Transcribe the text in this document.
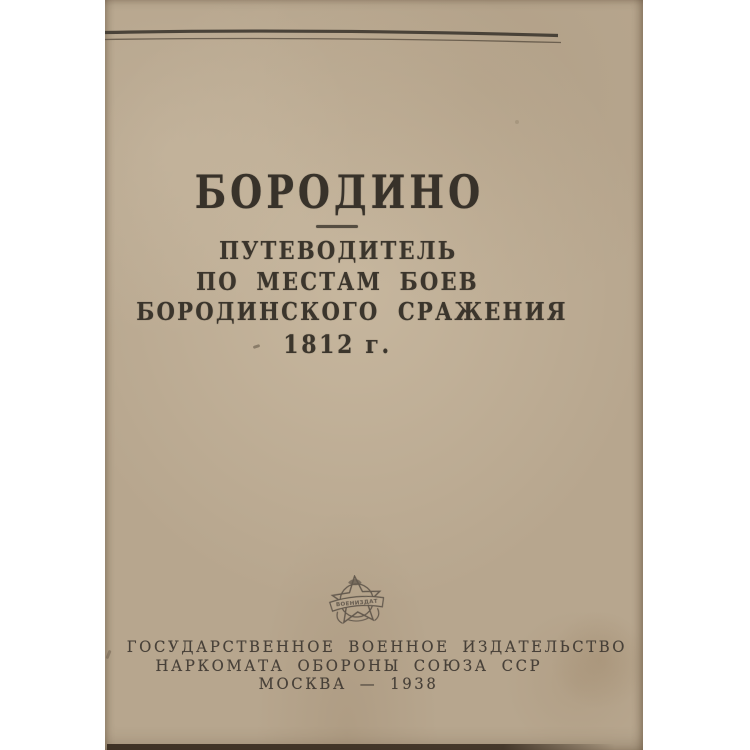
БОРОДИНО
ПУТЕВОДИТЕЛЬ
ПО МЕСТАМ БОЕВ
БОРОДИНСКОГО СРАЖЕНИЯ
1812 г.
ВОЕНИЗДАТ
ГОСУДАРСТВЕННОЕ ВОЕННОЕ ИЗДАТЕЛЬСТВО
НАРКОМАТА ОБОРОНЫ СОЮЗА ССР
МОСКВА — 1938
